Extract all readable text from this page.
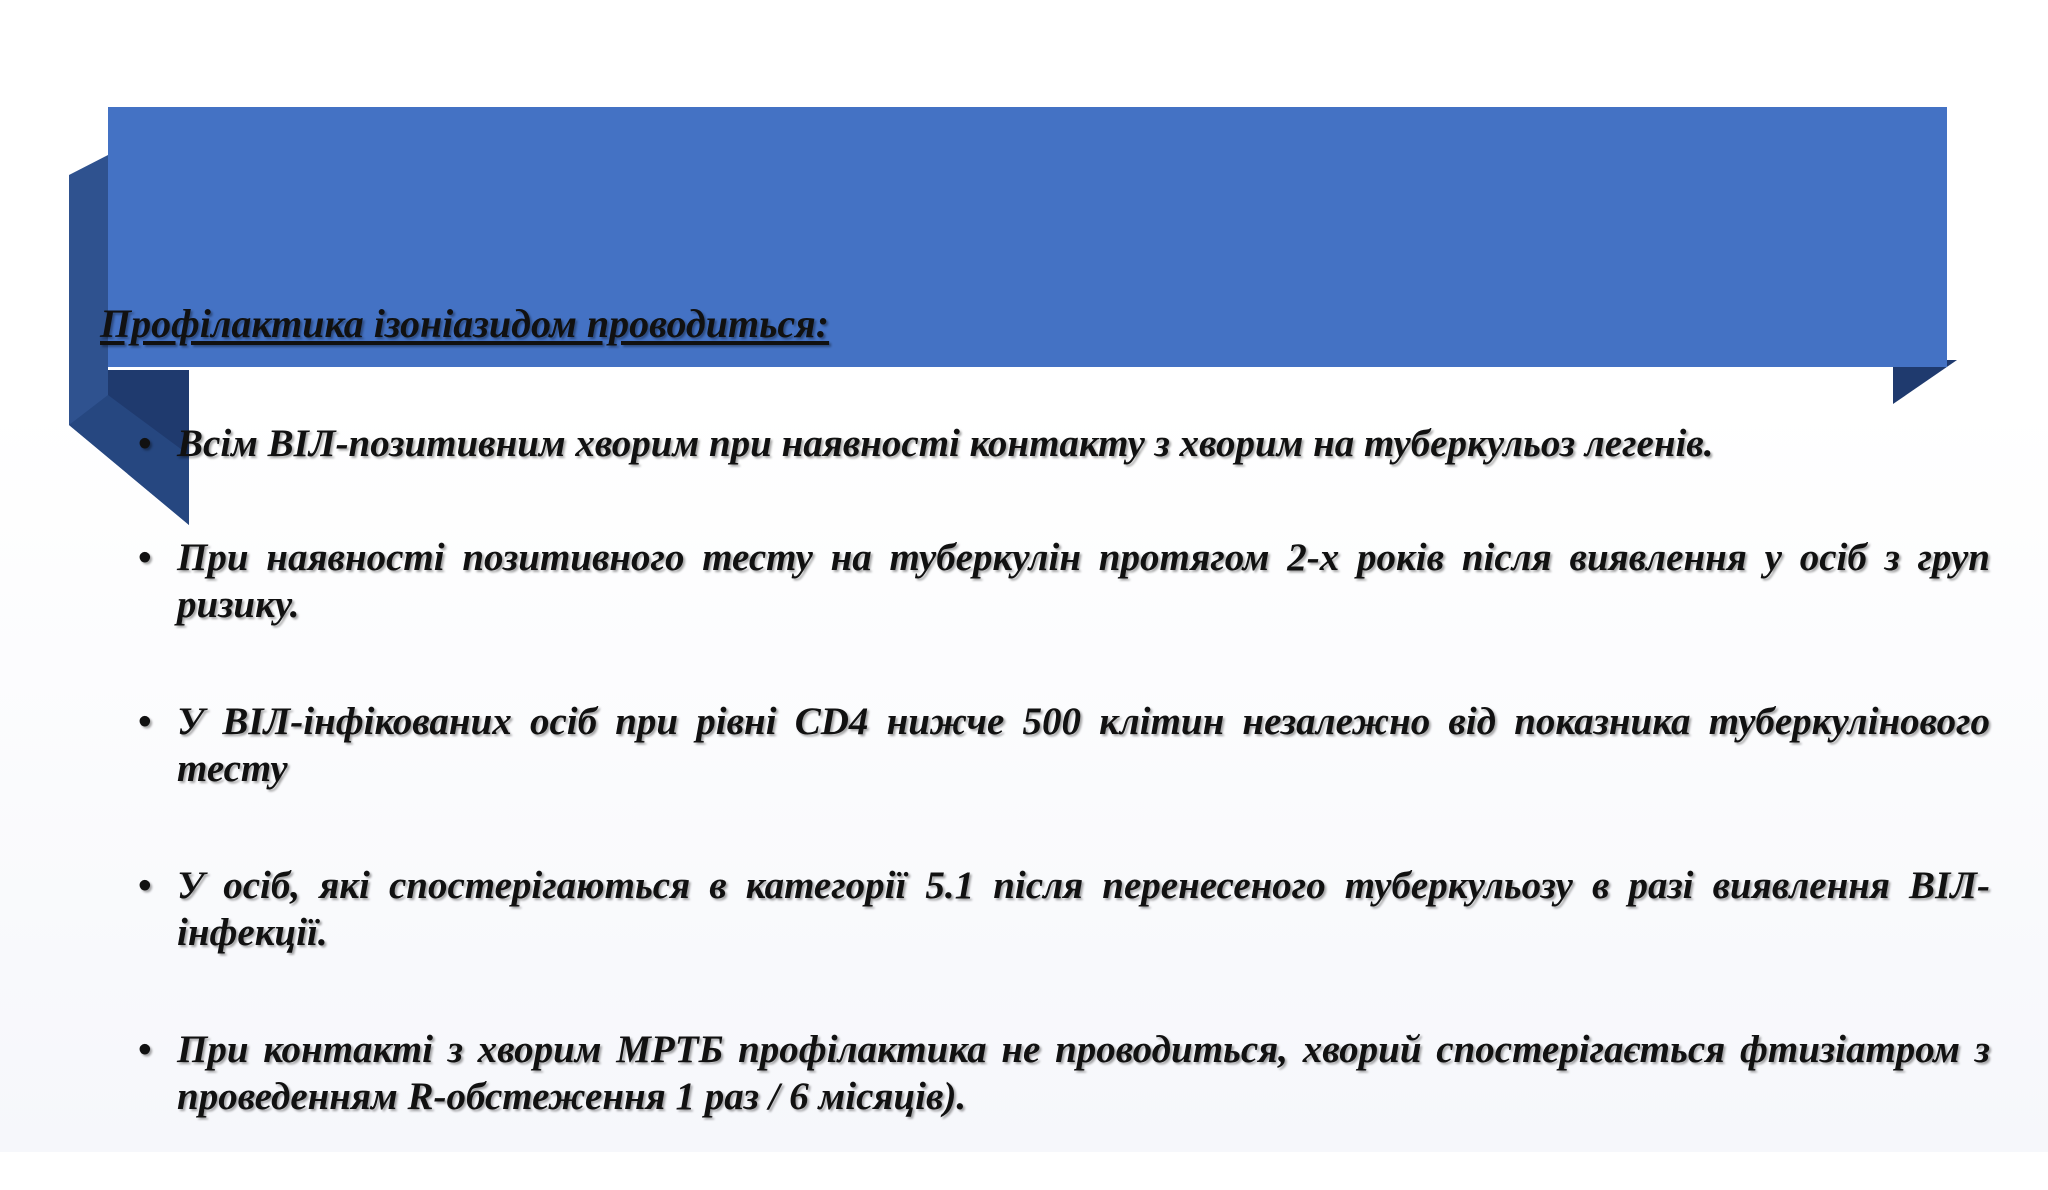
Профілактика ізоніазидом проводиться:
• Всім ВІЛ-позитивним хворим при наявності контакту з хворим на туберкульоз легенів.
• При наявності позитивного тесту на туберкулін протягом 2-х років після виявлення у осіб з груп ризику.
• У ВІЛ-інфікованих осіб при рівні CD4 нижче 500 клітин незалежно від показника туберкулінового тесту
• У осіб, які спостерігаються в категорії 5.1 після перенесеного туберкульозу в разі виявлення ВІЛ-інфекції.
• При контакті з хворим МРТБ профілактика не проводиться, хворий спостерігається фтизіатром з проведенням R-обстеження 1 раз / 6 місяців).
